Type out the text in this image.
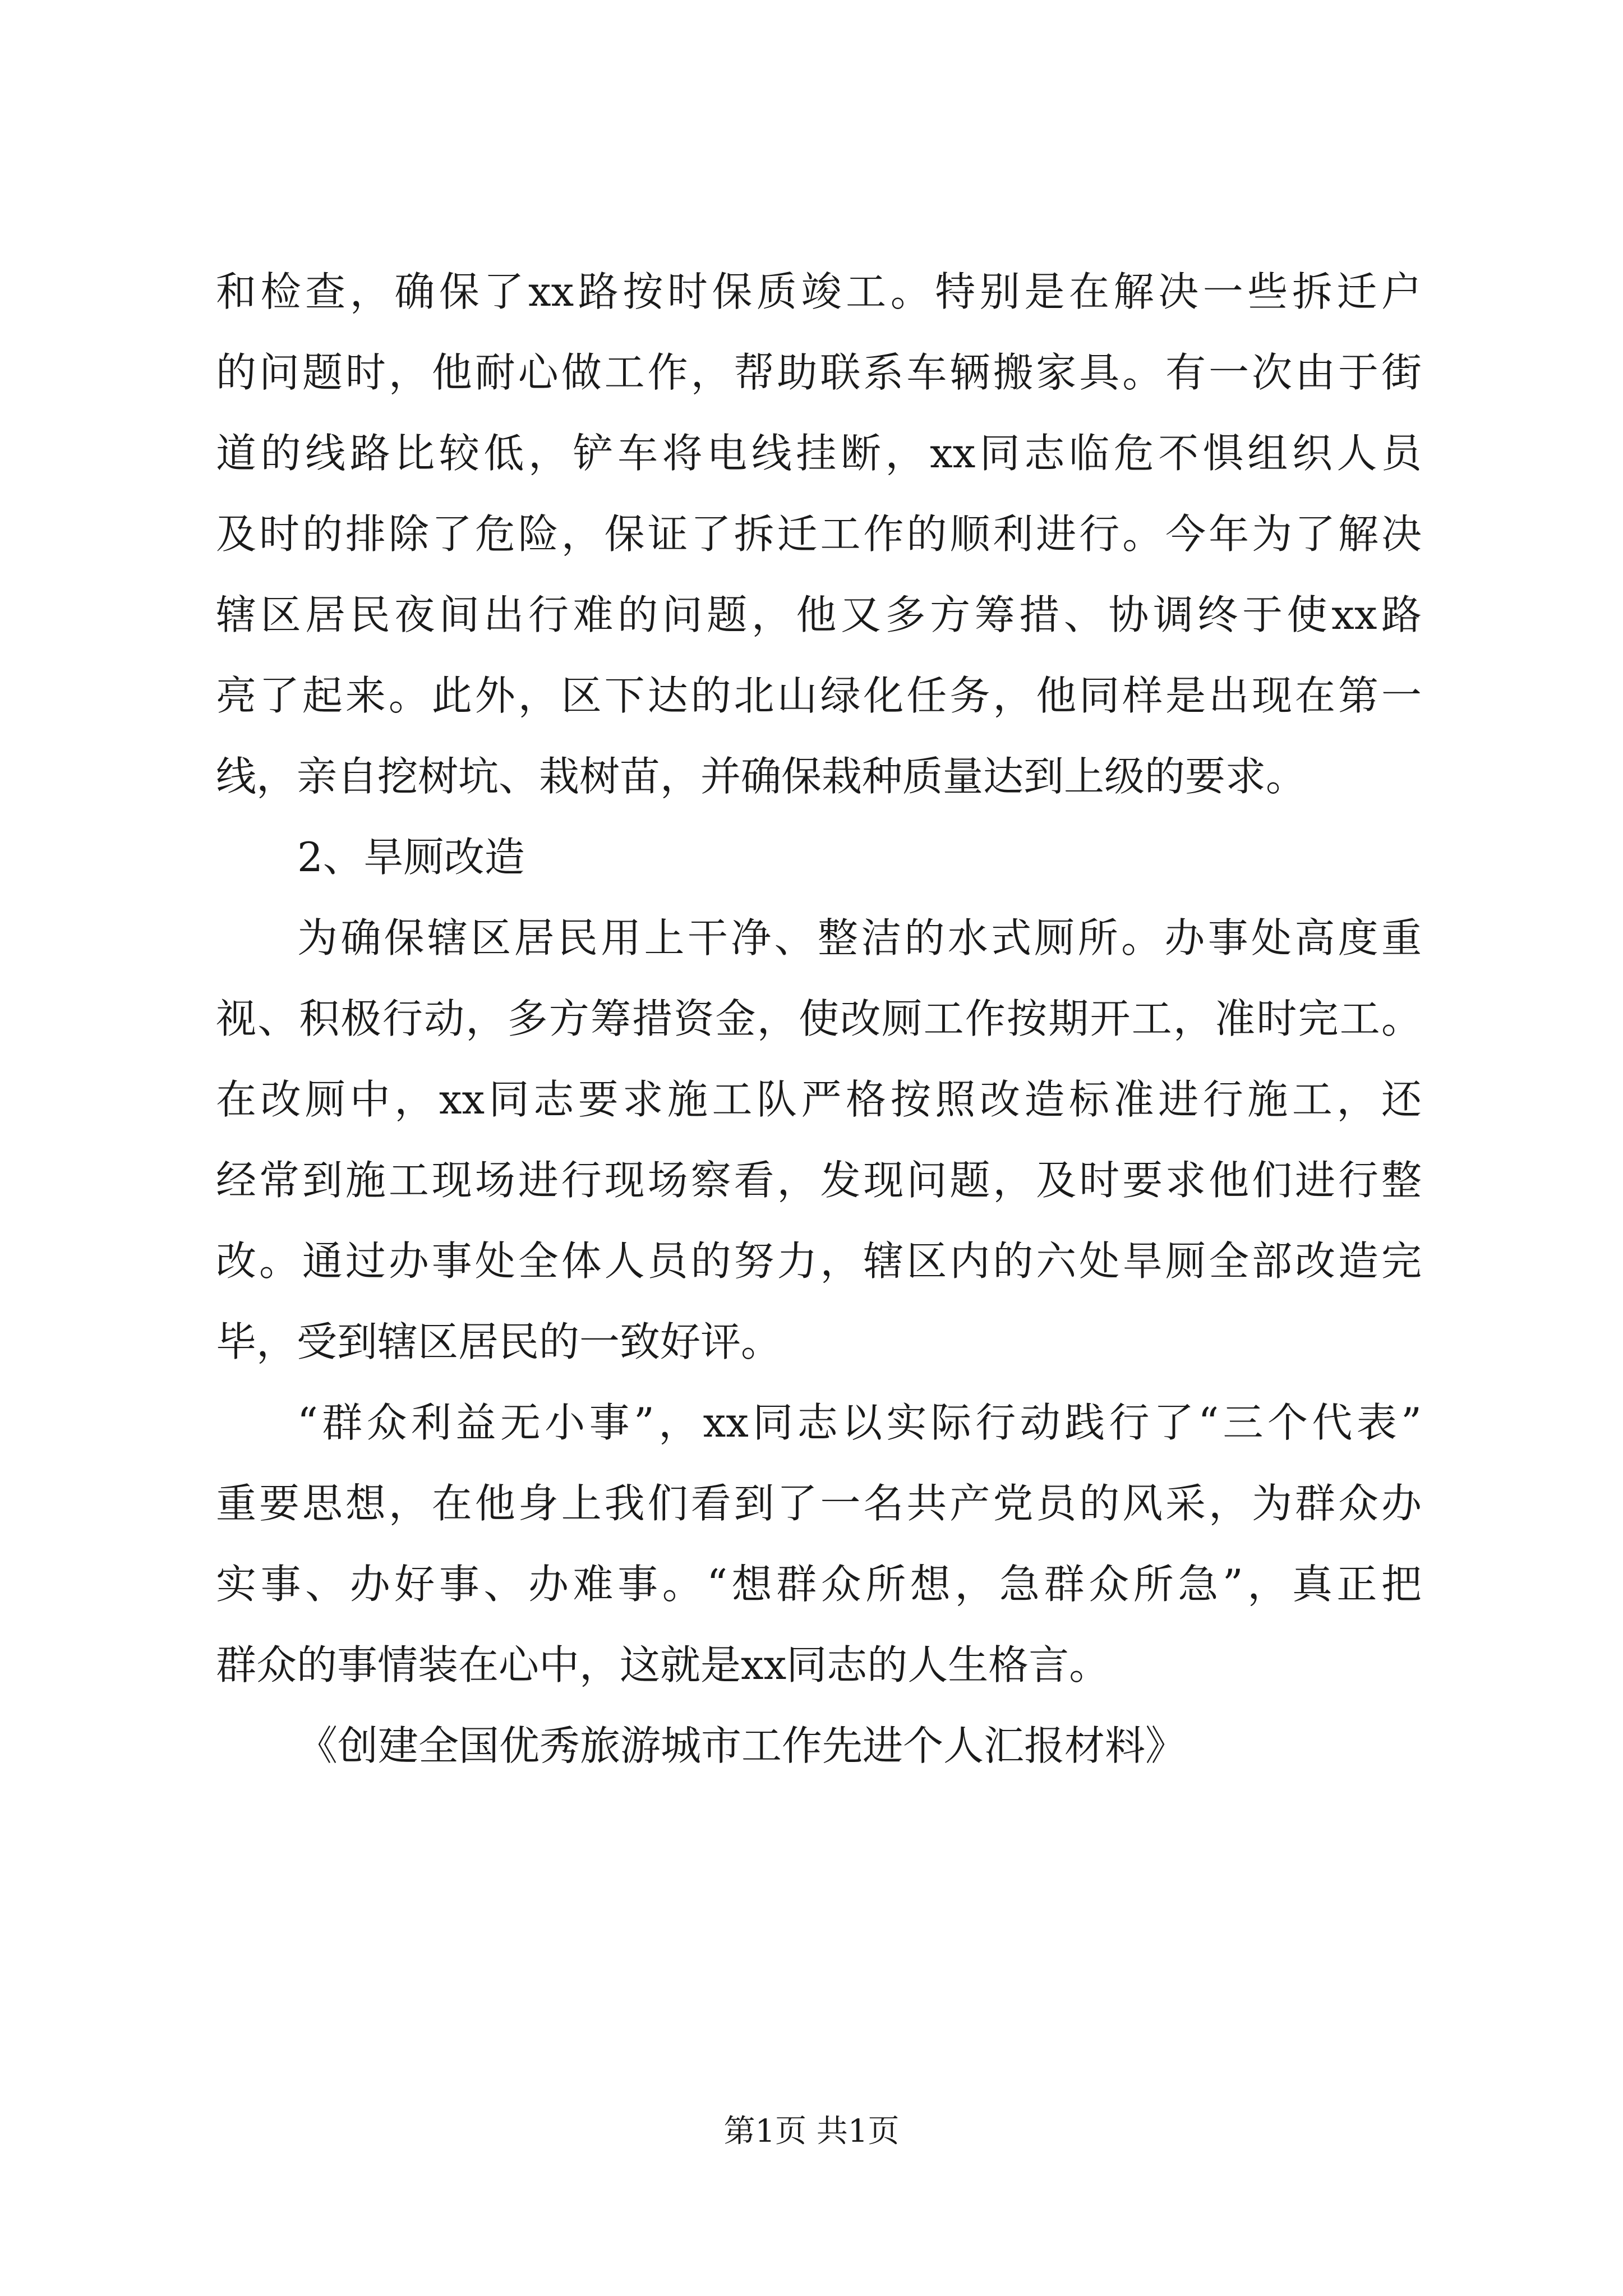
和检查，确保了xx路按时保质竣工。特别是在解决一些拆迁户
的问题时，他耐心做工作，帮助联系车辆搬家具。有一次由于街
道的线路比较低，铲车将电线挂断，xx同志临危不惧组织人员
及时的排除了危险，保证了拆迁工作的顺利进行。今年为了解决
辖区居民夜间出行难的问题，他又多方筹措、协调终于使xx路
亮了起来。此外，区下达的北山绿化任务，他同样是出现在第一
线，亲自挖树坑、栽树苗，并确保栽种质量达到上级的要求。
2、旱厕改造
为确保辖区居民用上干净、整洁的水式厕所。办事处高度重
视、积极行动，多方筹措资金，使改厕工作按期开工，准时完工。
在改厕中，xx同志要求施工队严格按照改造标准进行施工，还
经常到施工现场进行现场察看，发现问题，及时要求他们进行整
改。通过办事处全体人员的努力，辖区内的六处旱厕全部改造完
毕，受到辖区居民的一致好评。
“群众利益无小事”，xx同志以实际行动践行了“三个代表”
重要思想，在他身上我们看到了一名共产党员的风采，为群众办
实事、办好事、办难事。“想群众所想，急群众所急”，真正把
群众的事情装在心中，这就是xx同志的人生格言。
《创建全国优秀旅游城市工作先进个人汇报材料》
第1页 共1页
